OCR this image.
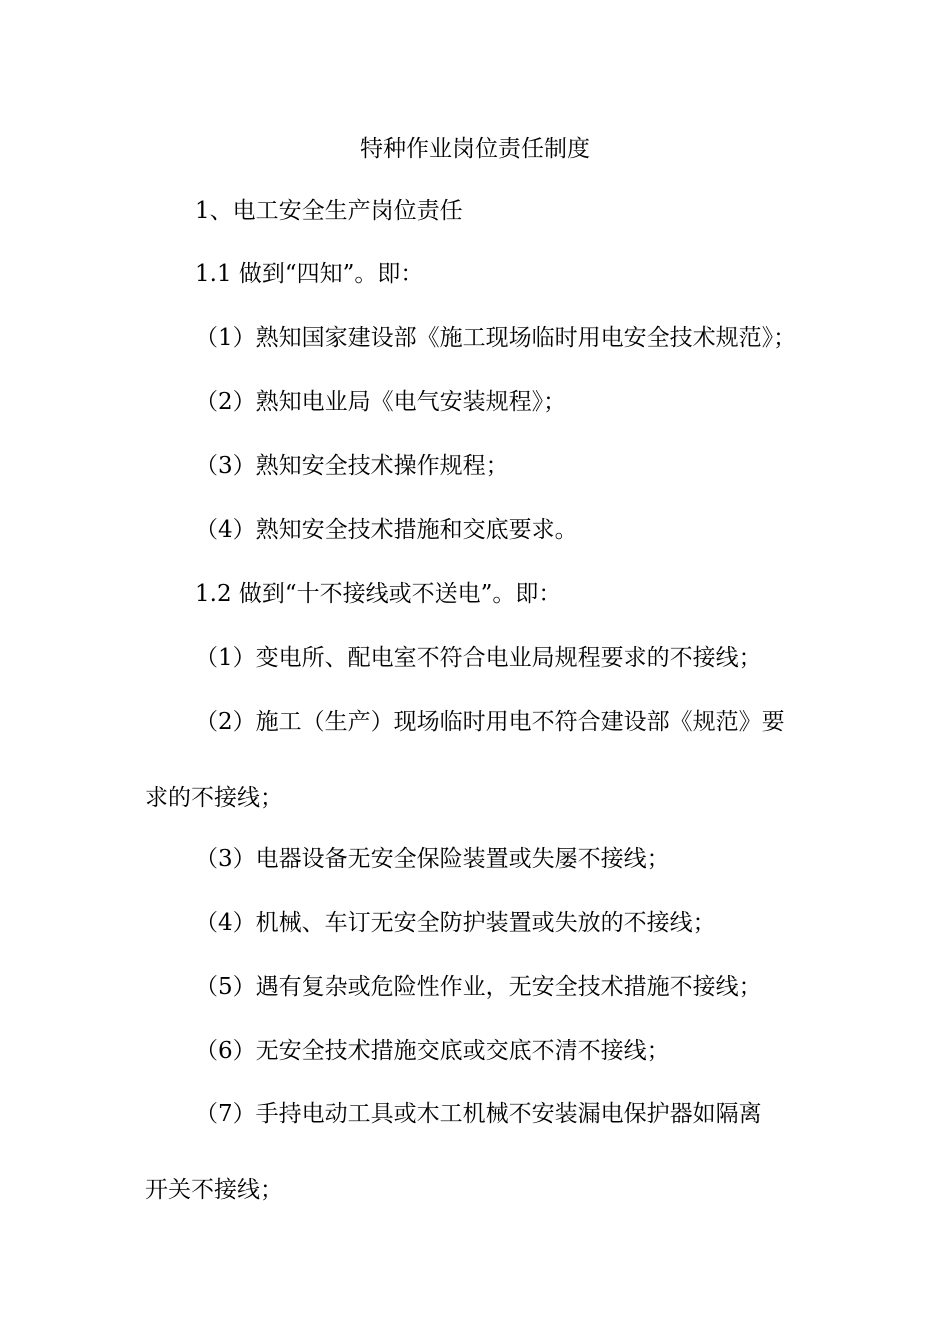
特种作业岗位责任制度
1、电工安全生产岗位责任
1.1 做到“四知”。即：
（1）熟知国家建设部《施工现场临时用电安全技术规范》；
（2）熟知电业局《电气安装规程》；
（3）熟知安全技术操作规程；
（4）熟知安全技术措施和交底要求。
1.2 做到“十不接线或不送电”。即：
（1）变电所、配电室不符合电业局规程要求的不接线；
（2）施工（生产）现场临时用电不符合建设部《规范》要
求的不接线；
（3）电器设备无安全保险装置或失屡不接线；
（4）机械、车订无安全防护装置或失放的不接线；
（5）遇有复杂或危险性作业，无安全技术措施不接线；
（6）无安全技术措施交底或交底不清不接线；
（7）手持电动工具或木工机械不安装漏电保护器如隔离
开关不接线；
